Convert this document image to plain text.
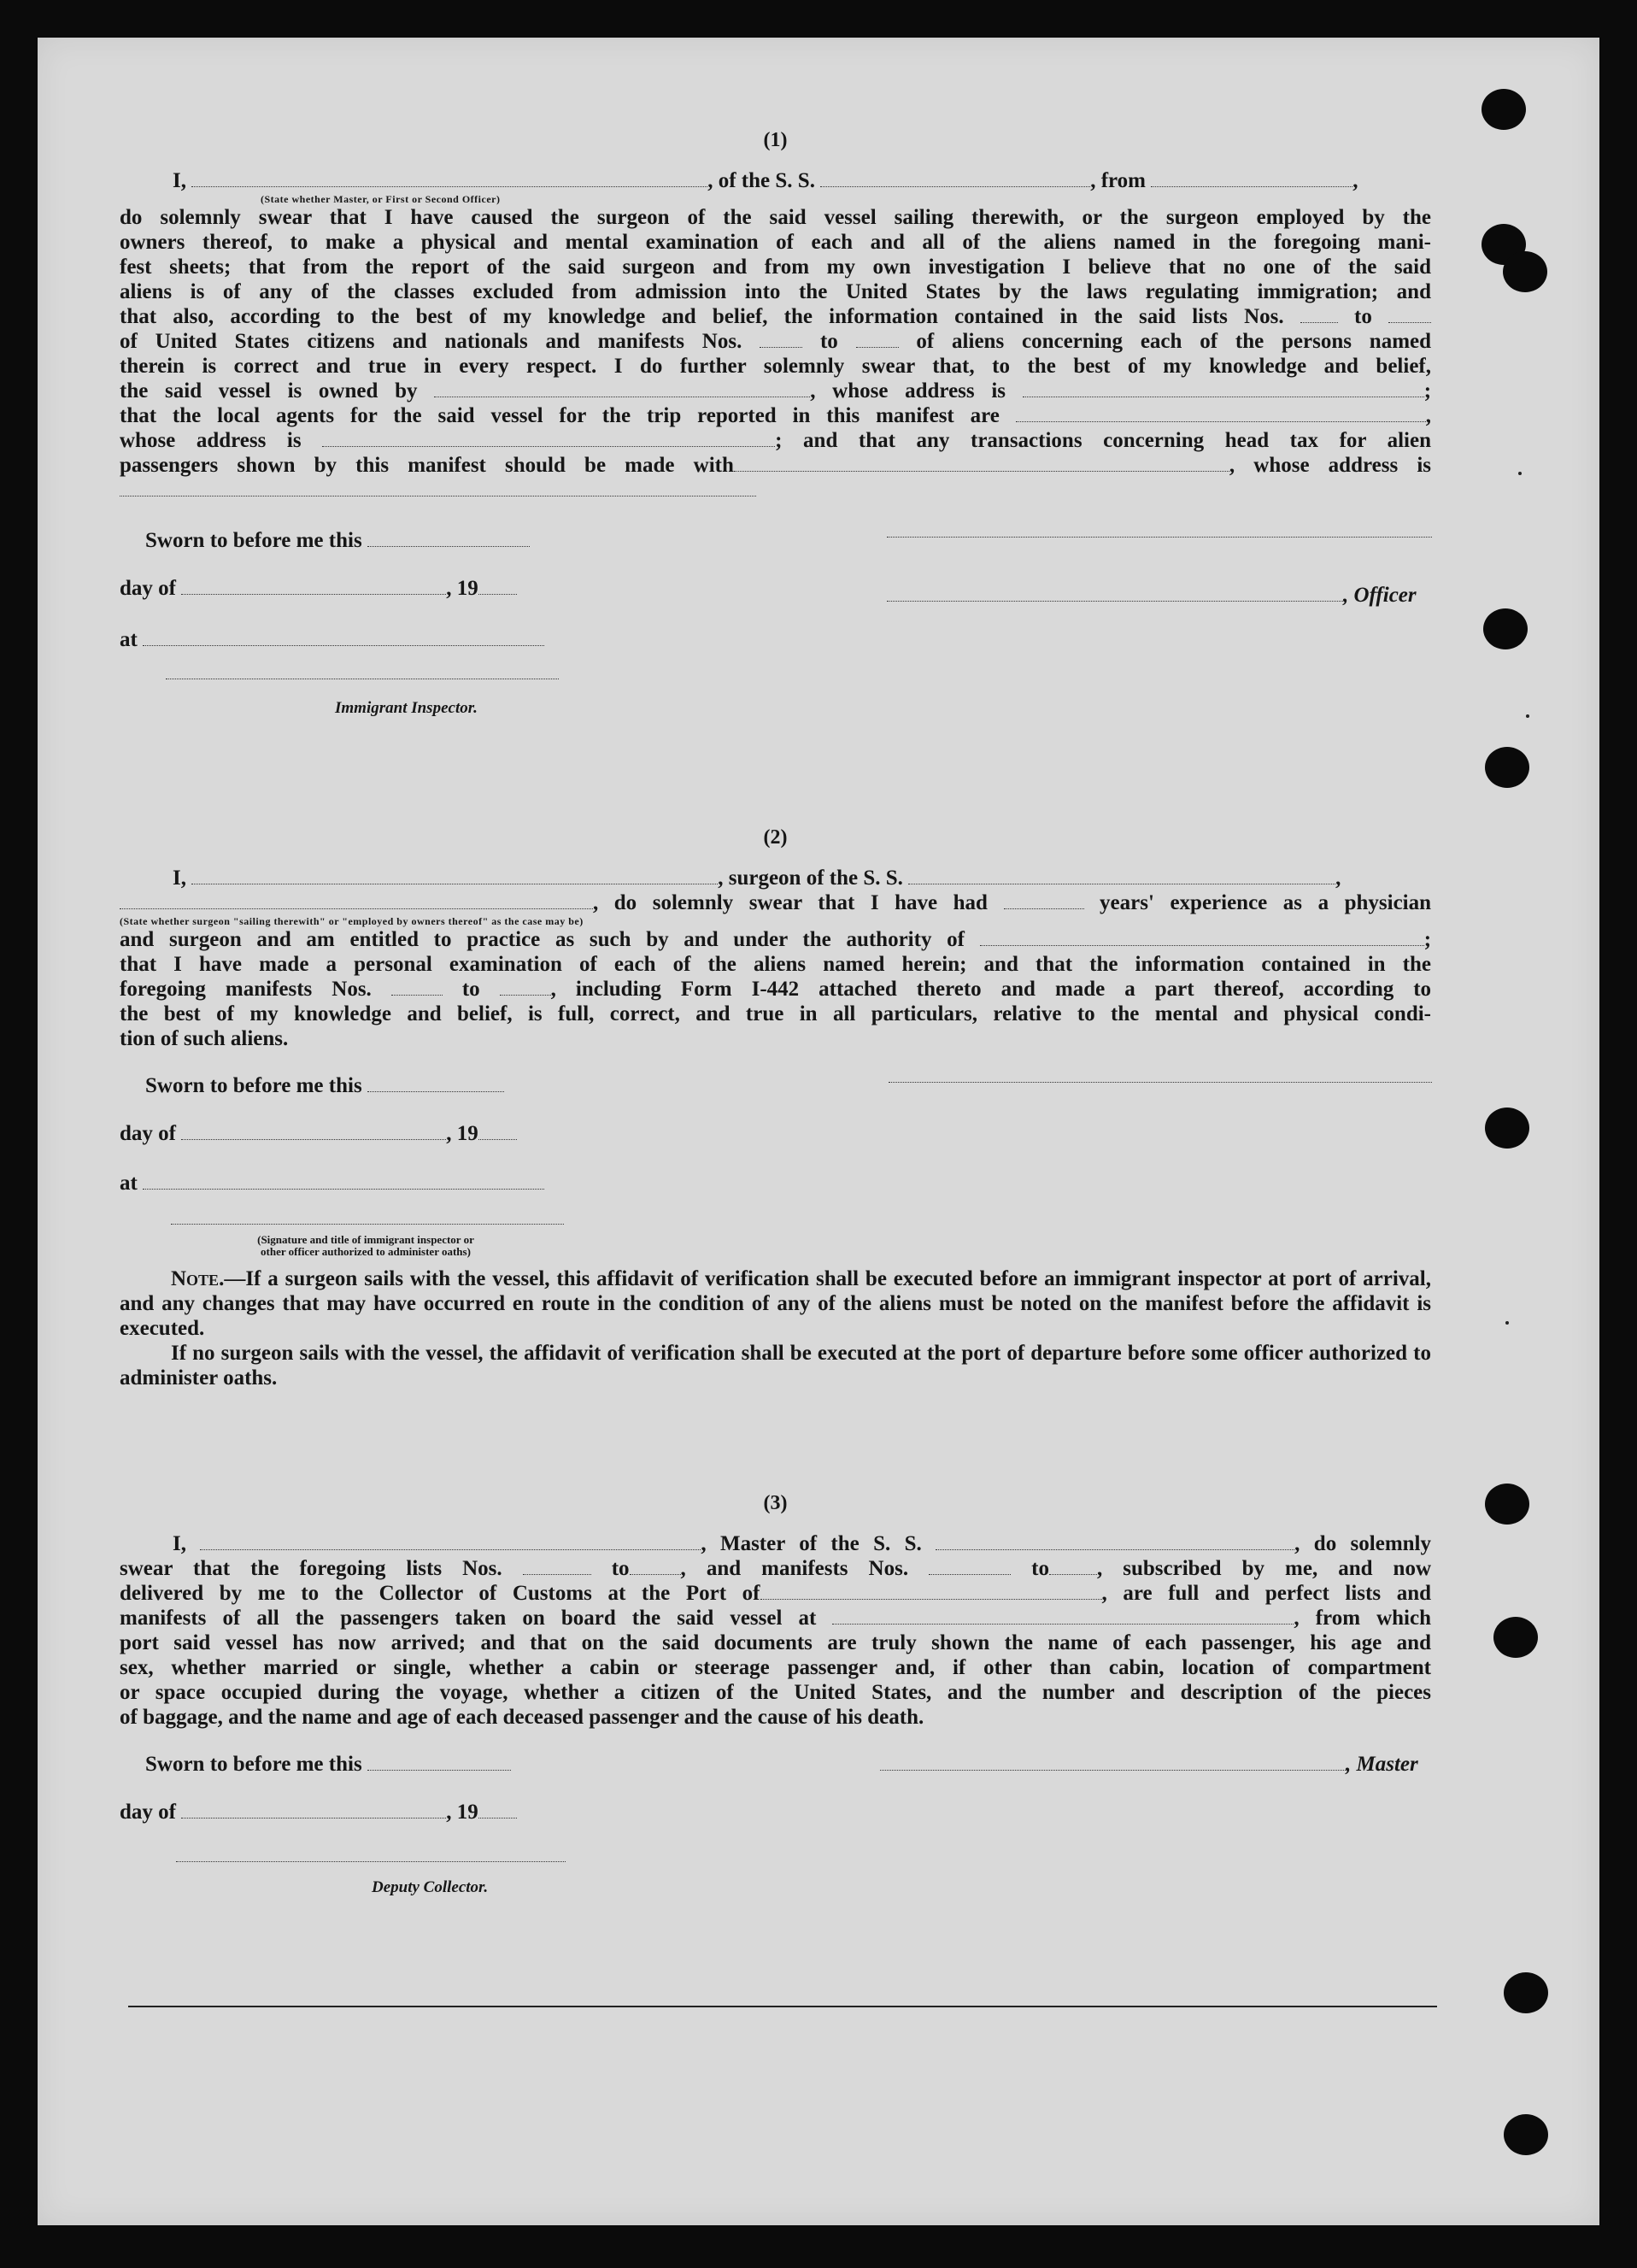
(1)

I,	, of the S. S.	, from	,

(State whether Master, or First or Second Officer)

do solemnly swear that I have caused the surgeon of the said vessel sailing therewith, or the surgeon employed by the

owners thereof, to make a physical and mental examination of each and all of the aliens named in the foregoing mani-

fest sheets; that from the report of the said surgeon and from my own investigation I believe that no one of the said

aliens is of any of the classes excluded from admission into the United States by the laws regulating immigration; and

that also, according to the best of my knowledge and belief, the information contained in the said lists Nos.	to

of United States citizens and nationals and manifests Nos.	to	of aliens concerning each of the persons named

therein is correct and true in every respect. I do further solemnly swear that, to the best of my knowledge and belief,

the said vessel is owned by	, whose address is	;

that the local agents for the said vessel for the trip reported in this manifest are	,

whose address is	; and that any transactions concerning head tax for alien

passengers shown by this manifest should be made with	, whose address is

Sworn to before me this
day of	, 19
at
Immigrant Inspector.
, Officer

(2)

I,	, surgeon of the S. S.	,

, do solemnly swear that I have had	years' experience as a physician

(State whether surgeon "sailing therewith" or "employed by owners thereof" as the case may be)

and surgeon and am entitled to practice as such by and under the authority of	;

that I have made a personal examination of each of the aliens named herein; and that the information contained in the

foregoing manifests Nos.	to	, including Form I-442 attached thereto and made a part thereof, according to

the best of my knowledge and belief, is full, correct, and true in all particulars, relative to the mental and physical condi-

tion of such aliens.

Sworn to before me this
day of	, 19
at
(Signature and title of immigrant inspector or
other officer authorized to administer oaths)

Note.—If a surgeon sails with the vessel, this affidavit of verification shall be executed before an immigrant inspector at port of arrival, and any changes that may have occurred en route in the condition of any of the aliens must be noted on the manifest before the affidavit is executed.

If no surgeon sails with the vessel, the affidavit of verification shall be executed at the port of departure before some officer authorized to administer oaths.

(3)

I,	, Master of the S. S.	, do solemnly

swear that the foregoing lists Nos.	to , and manifests Nos.	to , subscribed by me, and now

delivered by me to the Collector of Customs at the Port of	, are full and perfect lists and

manifests of all the passengers taken on board the said vessel at	, from which

port said vessel has now arrived; and that on the said documents are truly shown the name of each passenger, his age and

sex, whether married or single, whether a cabin or steerage passenger and, if other than cabin, location of compartment

or space occupied during the voyage, whether a citizen of the United States, and the number and description of the pieces

of baggage, and the name and age of each deceased passenger and the cause of his death.

Sworn to before me this
day of	, 19
Deputy Collector.
, Master
